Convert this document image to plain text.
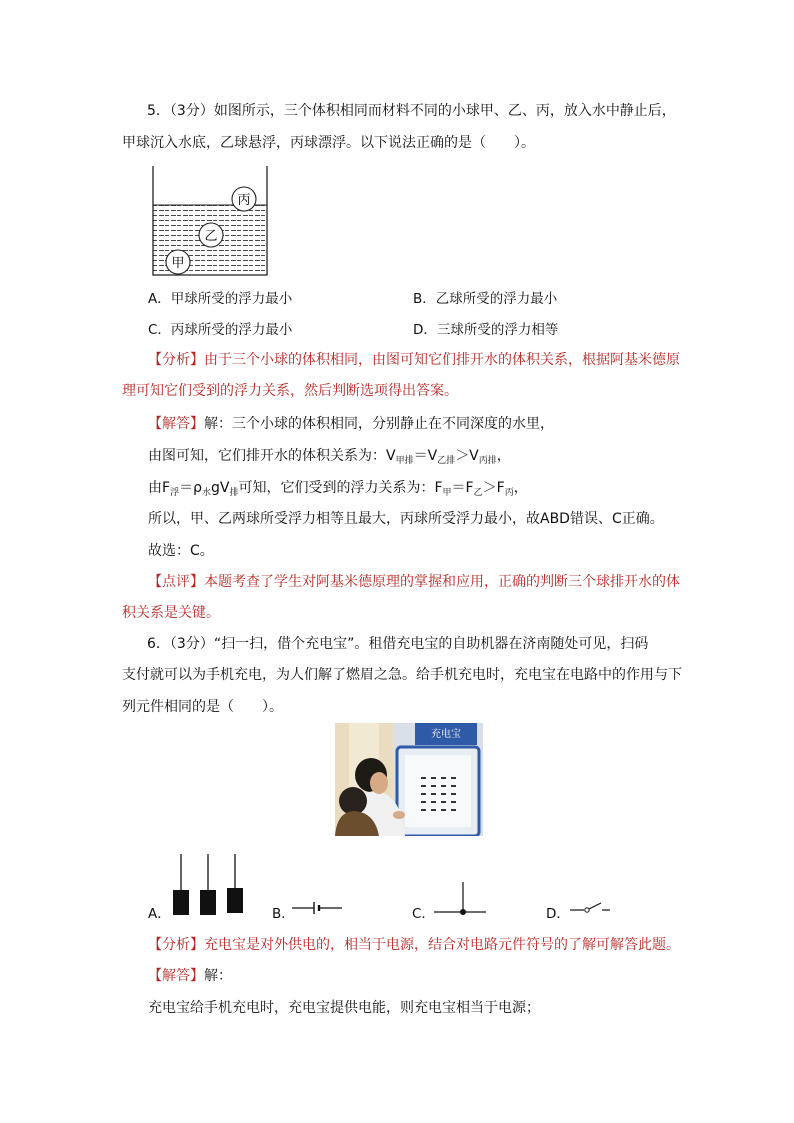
5．（3分）如图所示，三个体积相同而材料不同的小球甲、乙、丙，放入水中静止后，
甲球沉入水底，乙球悬浮，丙球漂浮。以下说法正确的是（　　）。
丙
乙
甲
A．甲球所受的浮力最小	B．乙球所受的浮力最小
C．丙球所受的浮力最小	D．三球所受的浮力相等
【分析】由于三个小球的体积相同，由图可知它们排开水的体积关系，根据阿基米德原
理可知它们受到的浮力关系，然后判断选项得出答案。
【解答】解：三个小球的体积相同，分别静止在不同深度的水里，
由图可知，它们排开水的体积关系为：$V_{甲排}=V_{乙排}>V_{丙排}$，
由$F_浮=\rho_水gV_排$可知，它们受到的浮力关系为：$F_甲=F_乙>F_丙$，
所以，甲、乙两球所受浮力相等且最大，丙球所受浮力最小，故ABD错误、C正确。
故选：C。
【点评】本题考查了学生对阿基米德原理的掌握和应用，正确的判断三个球排开水的体
积关系是关键。
6．（3分）“扫一扫，借个充电宝”。租借充电宝的自助机器在济南随处可见，扫码
支付就可以为手机充电，为人们解了燃眉之急。给手机充电时，充电宝在电路中的作用与下
列元件相同的是（　　）。
充电宝
A．	B．	C．	D．
【分析】充电宝是对外供电的，相当于电源，结合对电路元件符号的了解可解答此题。
【解答】解：
充电宝给手机充电时，充电宝提供电能，则充电宝相当于电源；
